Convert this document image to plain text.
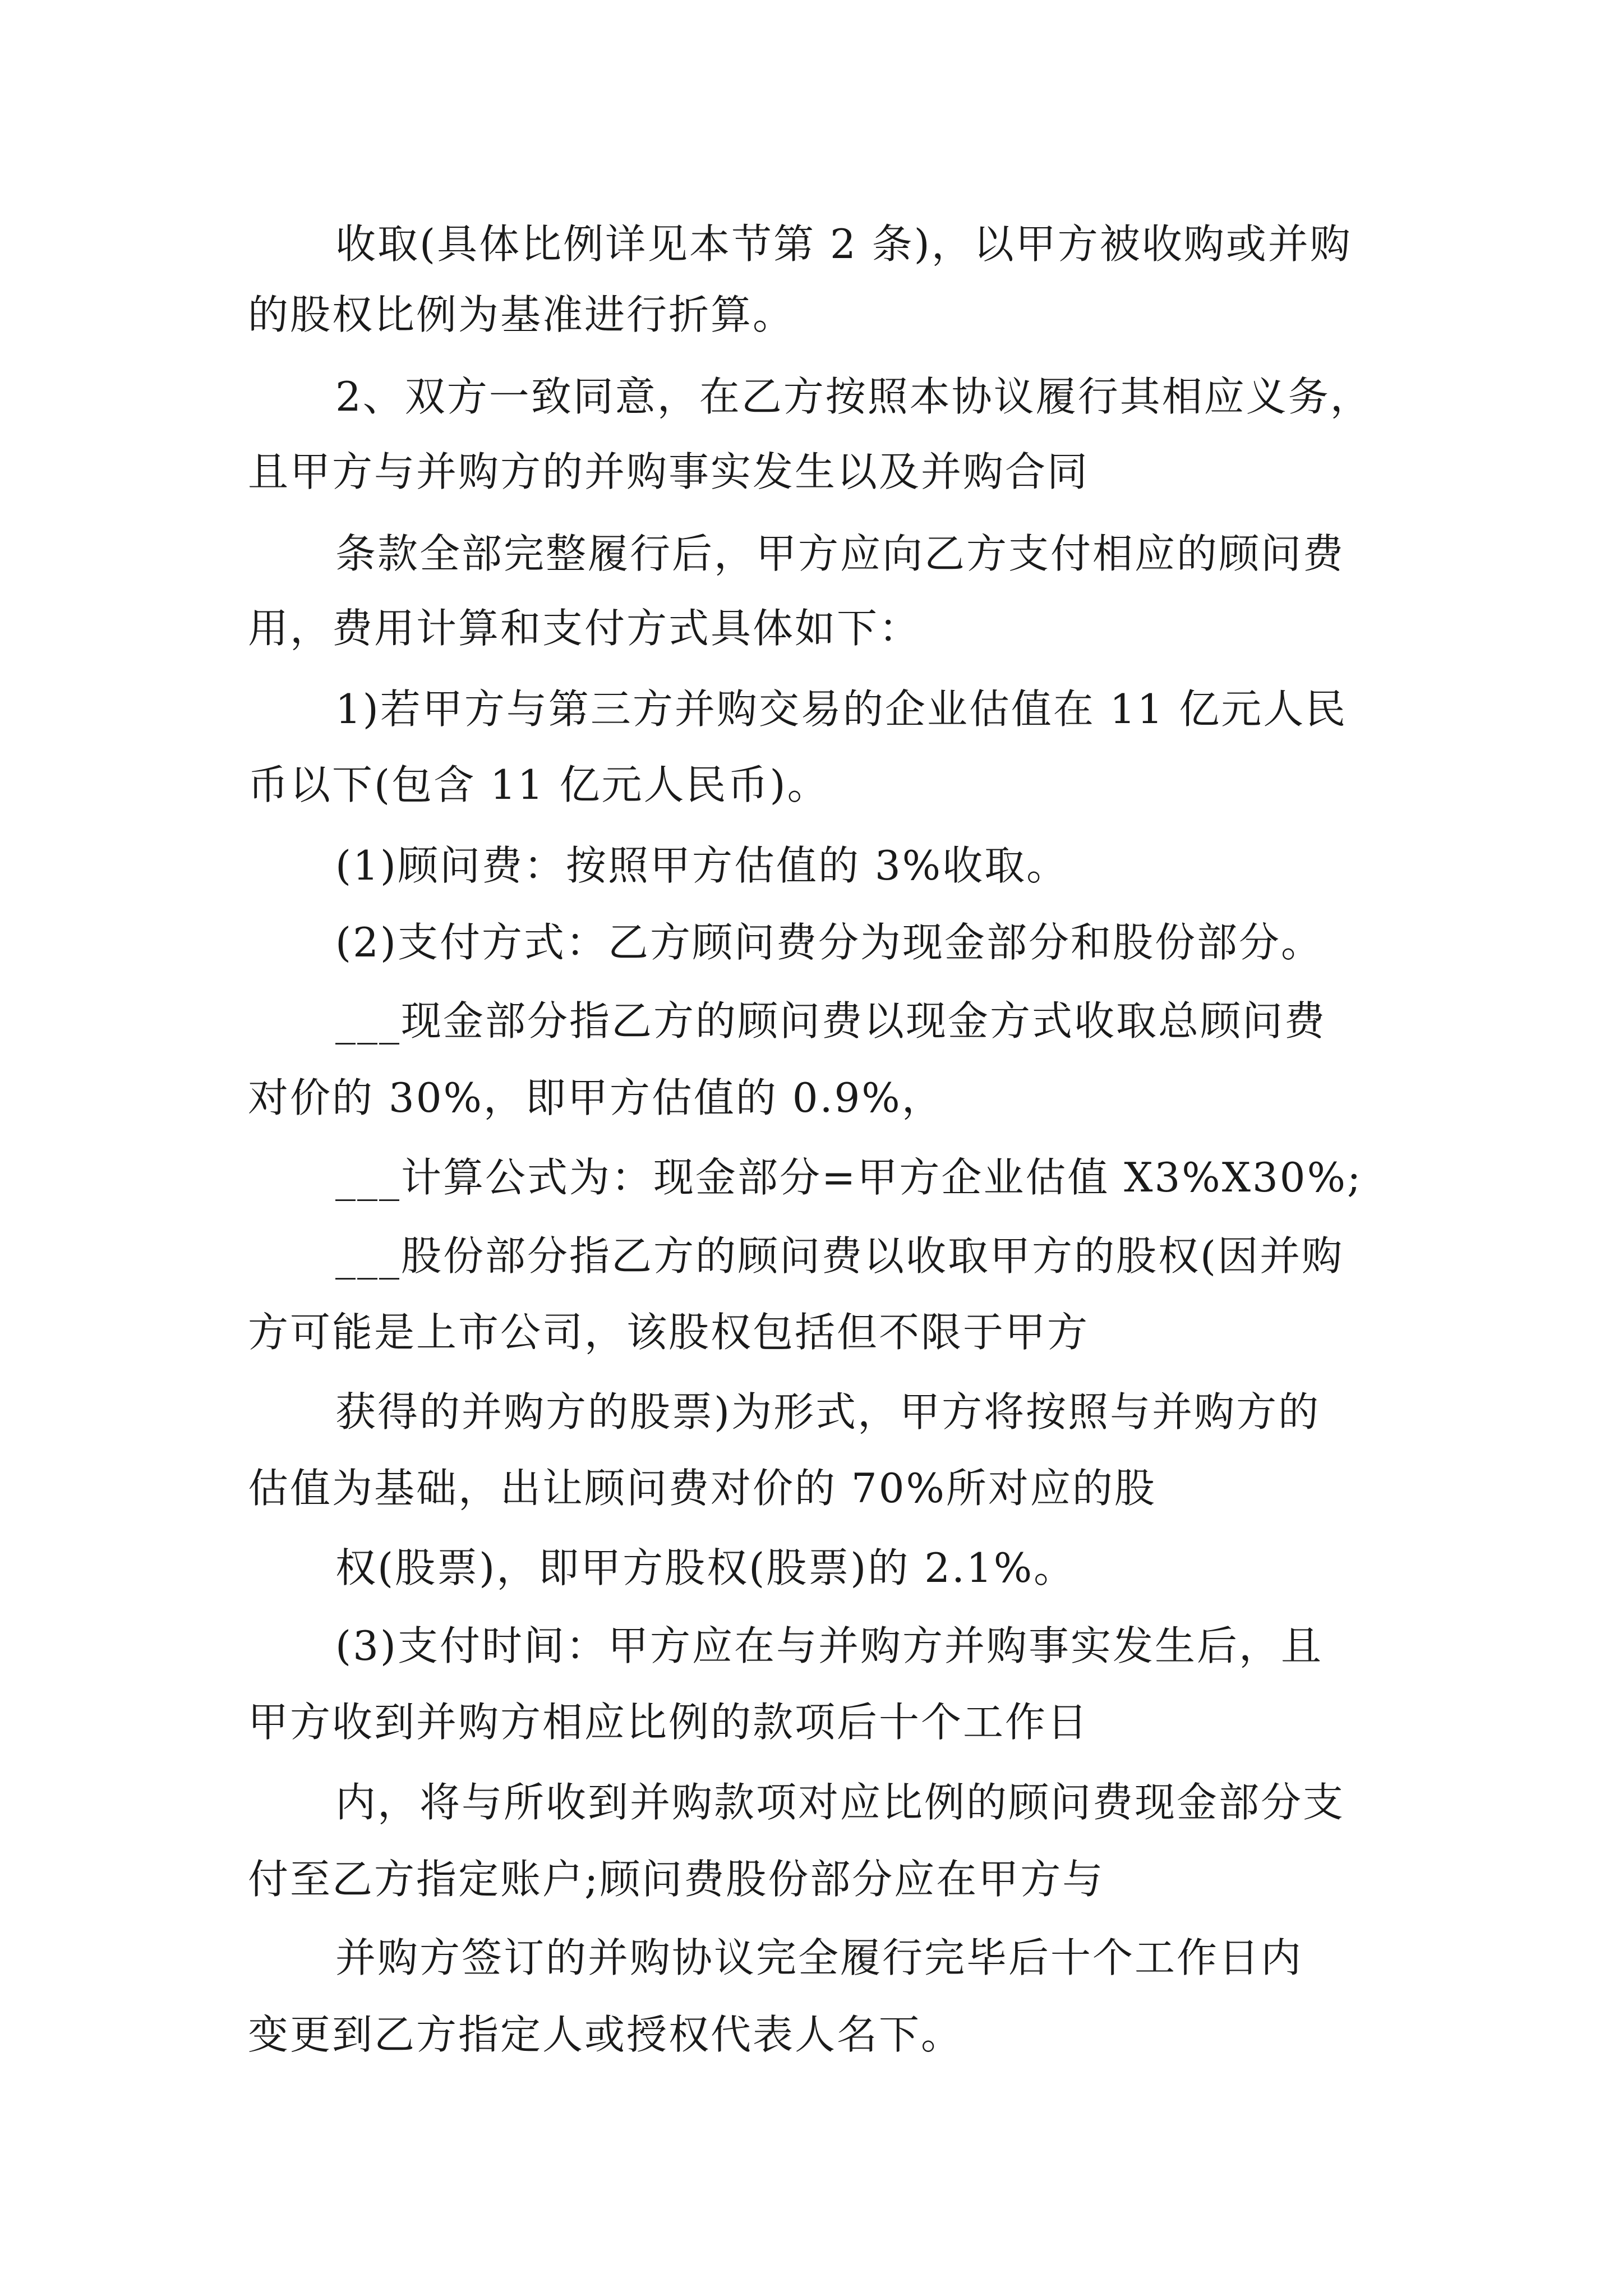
收取(具体比例详见本节第 2 条)，以甲方被收购或并购
的股权比例为基准进行折算。
2、双方一致同意，在乙方按照本协议履行其相应义务，
且甲方与并购方的并购事实发生以及并购合同
条款全部完整履行后，甲方应向乙方支付相应的顾问费
用，费用计算和支付方式具体如下：
1)若甲方与第三方并购交易的企业估值在 11 亿元人民
币以下(包含 11 亿元人民币)。
(1)顾问费：按照甲方估值的 3%收取。
(2)支付方式：乙方顾问费分为现金部分和股份部分。
___现金部分指乙方的顾问费以现金方式收取总顾问费
对价的 30%，即甲方估值的 0.9%，
___计算公式为：现金部分=甲方企业估值 X3%X30%;
___股份部分指乙方的顾问费以收取甲方的股权(因并购
方可能是上市公司，该股权包括但不限于甲方
获得的并购方的股票)为形式，甲方将按照与并购方的
估值为基础，出让顾问费对价的 70%所对应的股
权(股票)，即甲方股权(股票)的 2.1%。
(3)支付时间：甲方应在与并购方并购事实发生后，且
甲方收到并购方相应比例的款项后十个工作日
内，将与所收到并购款项对应比例的顾问费现金部分支
付至乙方指定账户;顾问费股份部分应在甲方与
并购方签订的并购协议完全履行完毕后十个工作日内
变更到乙方指定人或授权代表人名下。
